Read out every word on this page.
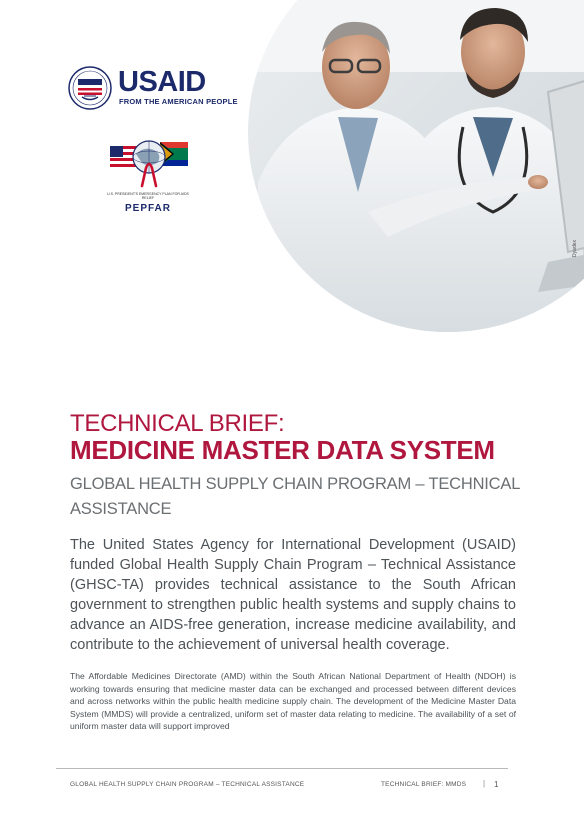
USAID
FROM THE AMERICAN PEOPLE
U.S. PRESIDENT'S EMERGENCY PLAN FOR AIDS RELIEF
PEPFAR
Dyadex
TECHNICAL BRIEF:
MEDICINE MASTER DATA SYSTEM
GLOBAL HEALTH SUPPLY CHAIN PROGRAM – TECHNICAL ASSISTANCE
The United States Agency for International Development (USAID) funded Global Health Supply Chain Program – Technical Assistance (GHSC-TA) provides technical assistance to the South African government to strengthen public health systems and supply chains to advance an AIDS-free generation, increase medicine availability, and contribute to the achievement of universal health coverage.
The Affordable Medicines Directorate (AMD) within the South African National Department of Health (NDOH) is working towards ensuring that medicine master data can be exchanged and processed between different devices and across networks within the public health medicine supply chain. The development of the Medicine Master Data System (MMDS) will provide a centralized, uniform set of master data relating to medicine. The availability of a set of uniform master data will support improved
GLOBAL HEALTH SUPPLY CHAIN PROGRAM – TECHNICAL ASSISTANCE	TECHNICAL BRIEF: MMDS | 1
